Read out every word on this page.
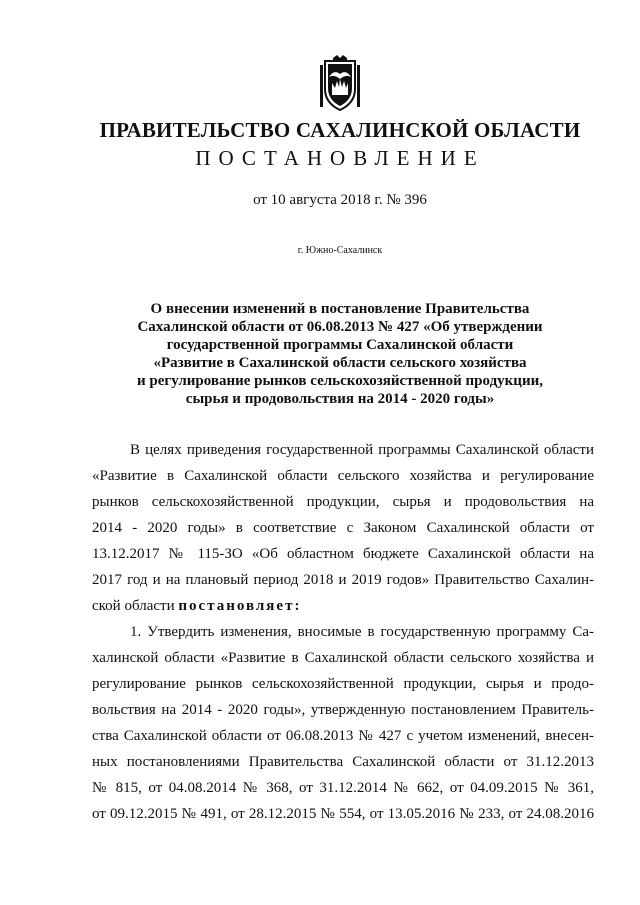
ПРАВИТЕЛЬСТВО САХАЛИНСКОЙ ОБЛАСТИ
ПОСТАНОВЛЕНИЕ
от 10 августа 2018 г. № 396
г. Южно-Сахалинск
О внесении изменений в постановление Правительства
Сахалинской области от 06.08.2013 № 427 «Об утверждении
государственной программы Сахалинской области
«Развитие в Сахалинской области сельского хозяйства
и регулирование рынков сельскохозяйственной продукции,
сырья и продовольствия на 2014 - 2020 годы»
В целях приведения государственной программы Сахалинской области
«Развитие в Сахалинской области сельского хозяйства и регулирование
рынков сельскохозяйственной продукции, сырья и продовольствия на
2014 - 2020 годы» в соответствие с Законом Сахалинской области от
13.12.2017 № 115-ЗО «Об областном бюджете Сахалинской области на
2017 год и на плановый период 2018 и 2019 годов» Правительство Сахалин-
ской области постановляет:
1. Утвердить изменения, вносимые в государственную программу Са-
халинской области «Развитие в Сахалинской области сельского хозяйства и
регулирование рынков сельскохозяйственной продукции, сырья и продо-
вольствия на 2014 - 2020 годы», утвержденную постановлением Правитель-
ства Сахалинской области от 06.08.2013 № 427 с учетом изменений, внесен-
ных постановлениями Правительства Сахалинской области от 31.12.2013
№ 815, от 04.08.2014 № 368, от 31.12.2014 № 662, от 04.09.2015 № 361,
от 09.12.2015 № 491, от 28.12.2015 № 554, от 13.05.2016 № 233, от 24.08.2016
